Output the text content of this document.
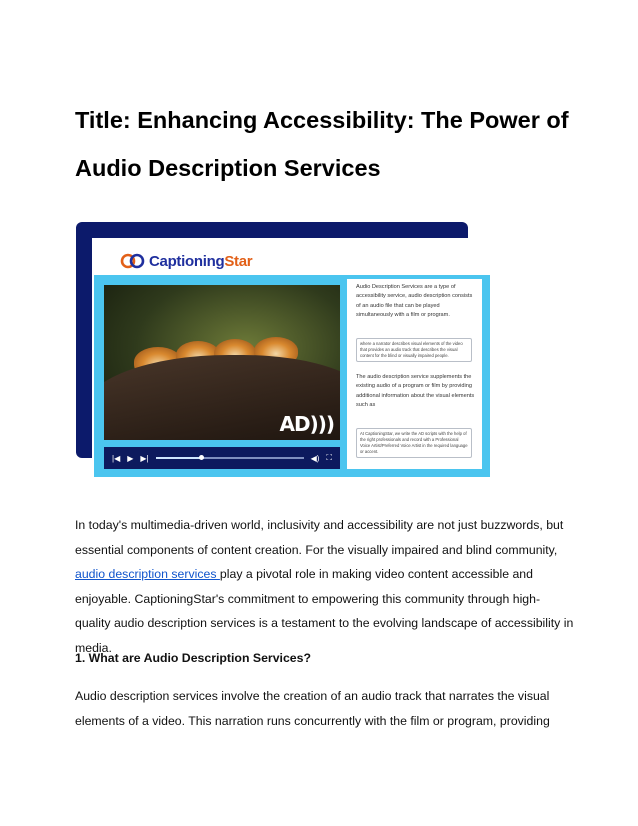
Title: Enhancing Accessibility: The Power of
Audio Description Services
CaptioningStar
AD)))
|◀ ▶ ▶|	◀) ⛶

Audio Description Services are a type of accessibility service, audio description consists of an audio file that can be played simultaneously with a film or program.

where a narrator describes visual elements of the video that provides an audio track that describes the visual content for the blind or visually impaired people.

The audio description service supplements the existing audio of a program or film by providing additional information about the visual elements such as

At CaptioningStar, we write the AD scripts with the help of the right professionals and record with a Professional Voice Artist/Preferred Voice Artist in the required language or accent.

In today's multimedia-driven world, inclusivity and accessibility are not just buzzwords, but essential components of content creation. For the visually impaired and blind community, audio description services play a pivotal role in making video content accessible and enjoyable. CaptioningStar's commitment to empowering this community through high-quality audio description services is a testament to the evolving landscape of accessibility in media.

1. What are Audio Description Services?

Audio description services involve the creation of an audio track that narrates the visual elements of a video. This narration runs concurrently with the film or program, providing
